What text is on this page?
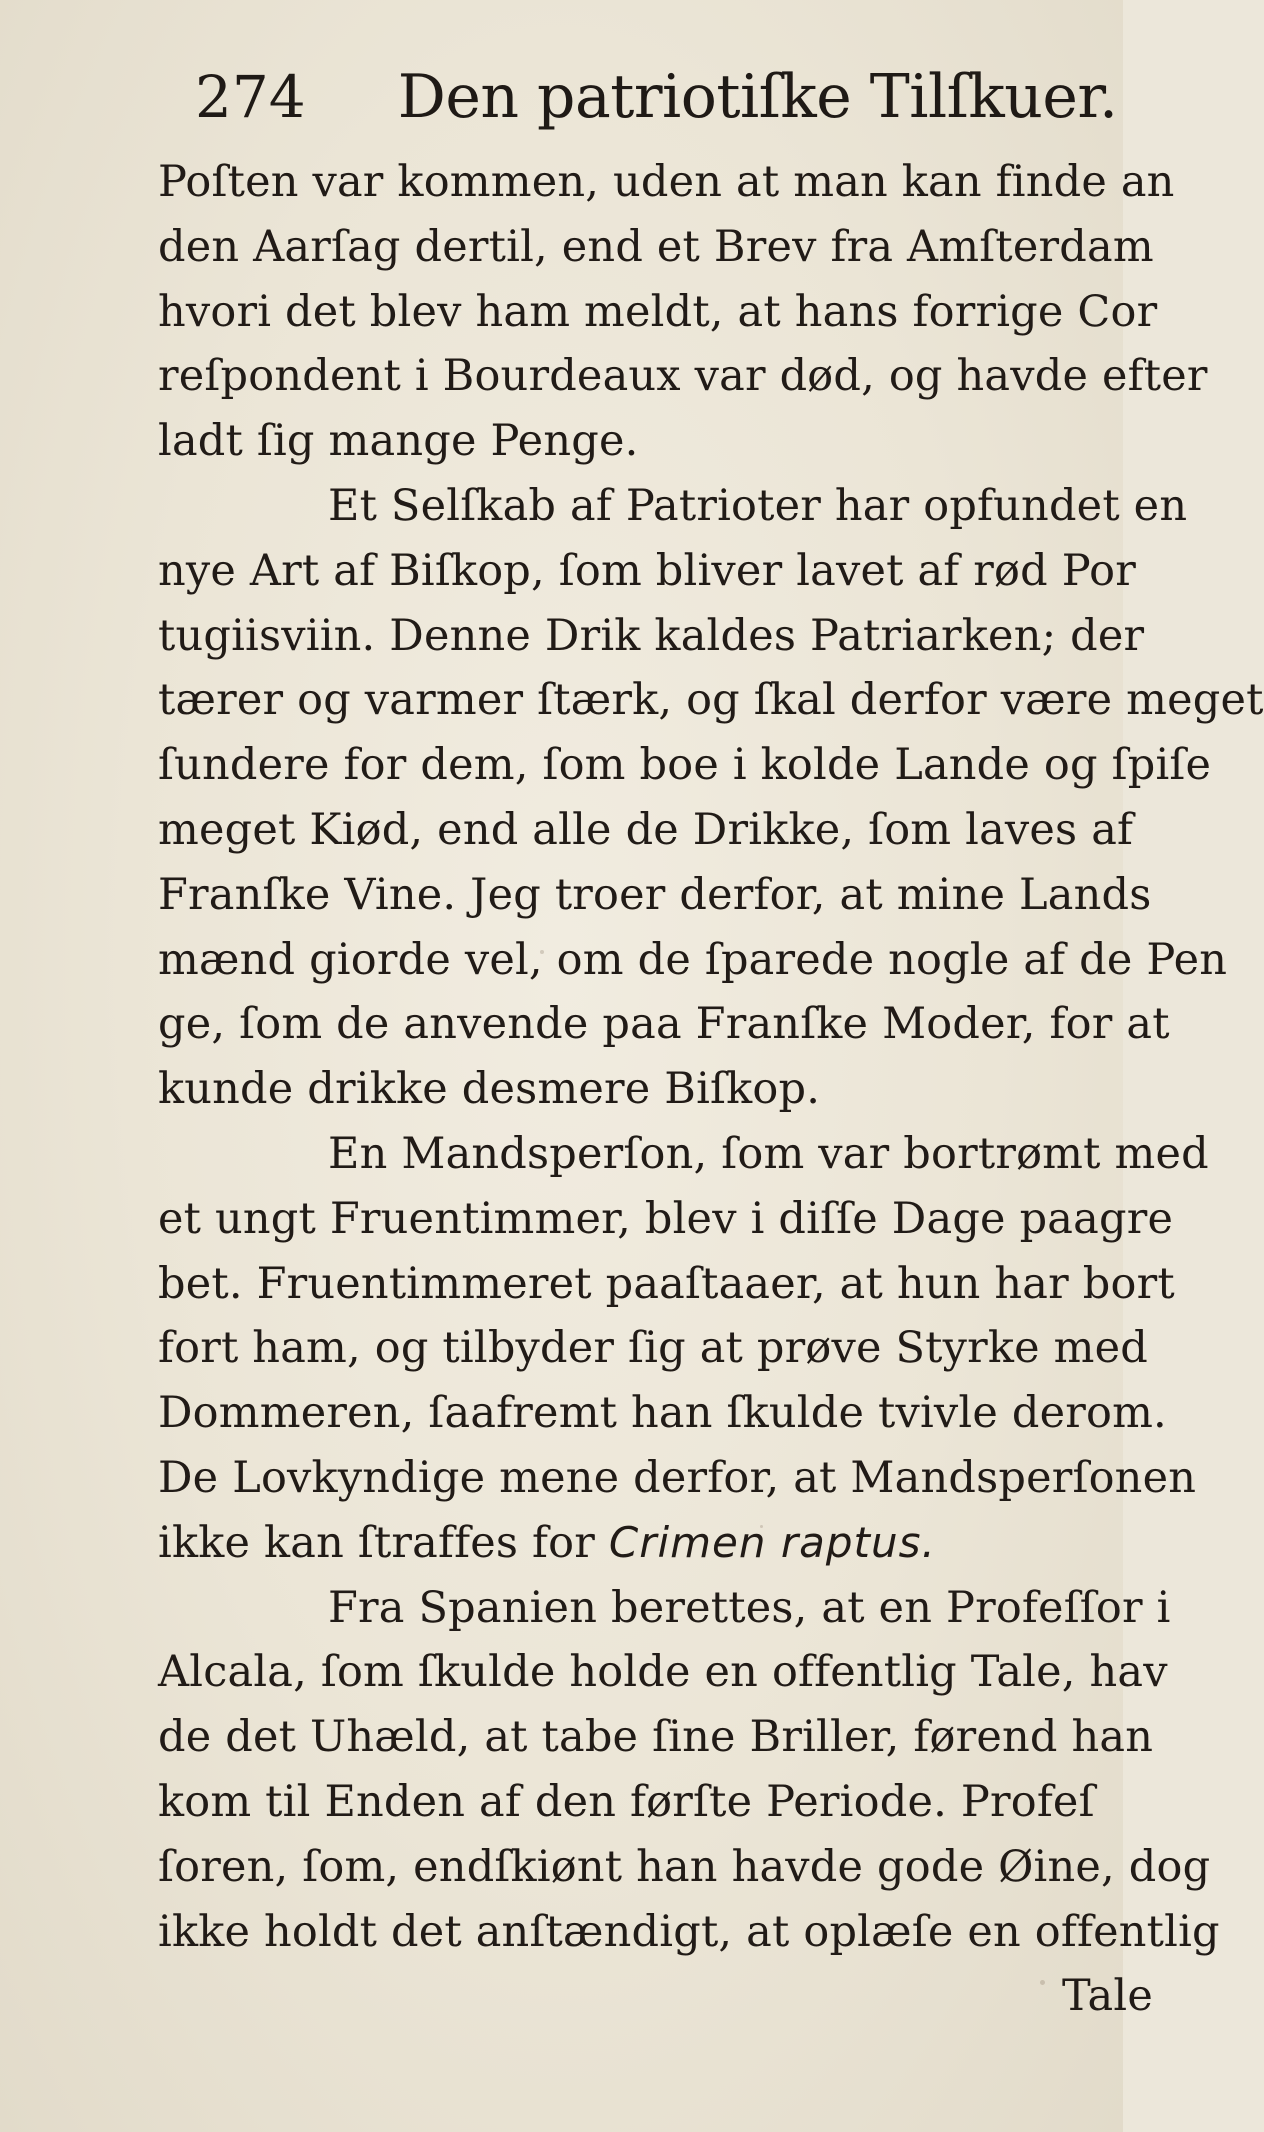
274 Den patriotiſke Tilſkuer.
Poſten var kommen, uden at man kan finde an
den Aarſag dertil, end et Brev fra Amſterdam
hvori det blev ham meldt, at hans forrige Cor
reſpondent i Bourdeaux var død, og havde efter
ladt ſig mange Penge.
Et Selſkab af Patrioter har opfundet en
nye Art af Biſkop, ſom bliver lavet af rød Por
tugiisviin. Denne Drik kaldes Patriarken; der
tærer og varmer ſtærk, og ſkal derfor være meget
ſundere for dem, ſom boe i kolde Lande og ſpiſe
meget Kiød, end alle de Drikke, ſom laves af
Franſke Vine. Jeg troer derfor, at mine Lands
mænd giorde vel, om de ſparede nogle af de Pen
ge, ſom de anvende paa Franſke Moder, for at
kunde drikke desmere Biſkop.
En Mandsperſon, ſom var bortrømt med
et ungt Fruentimmer, blev i diſſe Dage paagre
bet. Fruentimmeret paaſtaaer, at hun har bort
fort ham, og tilbyder ſig at prøve Styrke med
Dommeren, ſaafremt han ſkulde tvivle derom.
De Lovkyndige mene derfor, at Mandsperſonen
ikke kan ſtraffes for Crimen raptus.
Fra Spanien berettes, at en Profeſſor i
Alcala, ſom ſkulde holde en offentlig Tale, hav
de det Uhæld, at tabe ſine Briller, førend han
kom til Enden af den førſte Periode. Profeſ
ſoren, ſom, endſkiønt han havde gode Øine, dog
ikke holdt det anſtændigt, at oplæſe en offentlig
Tale
